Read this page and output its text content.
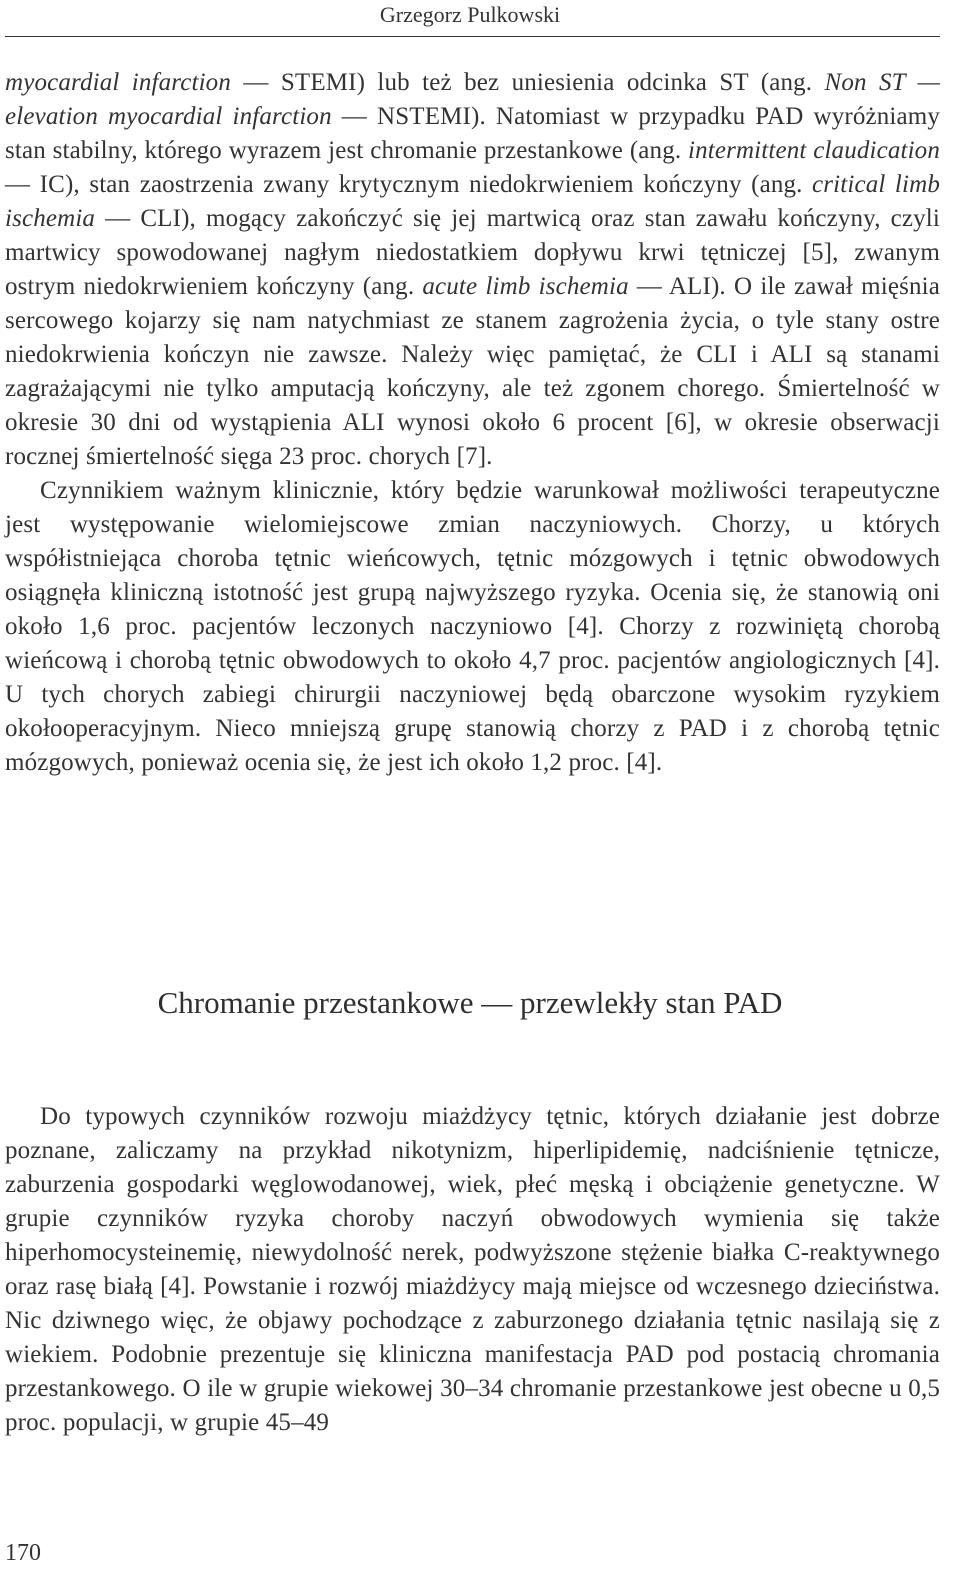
Grzegorz Pulkowski

myocardial infarction — STEMI) lub też bez uniesienia odcinka ST (ang. Non ST — elevation myocardial infarction — NSTEMI). Natomiast w przypadku PAD wyróżniamy stan stabilny, którego wyrazem jest chromanie przestankowe (ang. intermittent claudication — IC), stan zaostrzenia zwany krytycznym niedokrwieniem kończyny (ang. critical limb ischemia — CLI), mogący zakończyć się jej martwicą oraz stan zawału kończyny, czyli martwicy spowodowanej nagłym niedostatkiem dopływu krwi tętniczej [5], zwanym ostrym niedokrwieniem kończyny (ang. acute limb ischemia — ALI). O ile zawał mięśnia sercowego kojarzy się nam natychmiast ze stanem zagrożenia życia, o tyle stany ostre niedokrwienia kończyn nie zawsze. Należy więc pamiętać, że CLI i ALI są stanami zagrażającymi nie tylko amputacją kończyny, ale też zgonem chorego. Śmiertelność w okresie 30 dni od wystąpienia ALI wynosi około 6 procent [6], w okresie obserwacji rocznej śmiertelność sięga 23 proc. chorych [7].

Czynnikiem ważnym klinicznie, który będzie warunkował możliwości terapeutyczne jest występowanie wielomiejscowe zmian naczyniowych. Chorzy, u których współistniejąca choroba tętnic wieńcowych, tętnic mózgowych i tętnic obwodowych osiągnęła kliniczną istotność jest grupą najwyższego ryzyka. Ocenia się, że stanowią oni około 1,6 proc. pacjentów leczonych naczyniowo [4]. Chorzy z rozwiniętą chorobą wieńcową i chorobą tętnic obwodowych to około 4,7 proc. pacjentów angiologicznych [4]. U tych chorych zabiegi chirurgii naczyniowej będą obarczone wysokim ryzykiem okołooperacyjnym. Nieco mniejszą grupę stanowią chorzy z PAD i z chorobą tętnic mózgowych, ponieważ ocenia się, że jest ich około 1,2 proc. [4].

Chromanie przestankowe — przewlekły stan PAD

Do typowych czynników rozwoju miażdżycy tętnic, których działanie jest dobrze poznane, zaliczamy na przykład nikotynizm, hiperlipidemię, nadciśnienie tętnicze, zaburzenia gospodarki węglowodanowej, wiek, płeć męską i obciążenie genetyczne. W grupie czynników ryzyka choroby naczyń obwodowych wymienia się także hiperhomocysteinemię, niewydolność nerek, podwyższone stężenie białka C-reaktywnego oraz rasę białą [4]. Powstanie i rozwój miażdżycy mają miejsce od wczesnego dzieciństwa. Nic dziwnego więc, że objawy pochodzące z zaburzonego działania tętnic nasilają się z wiekiem. Podobnie prezentuje się kliniczna manifestacja PAD pod postacią chromania przestankowego. O ile w grupie wiekowej 30–34 chromanie przestankowe jest obecne u 0,5 proc. populacji, w grupie 45–49

170
